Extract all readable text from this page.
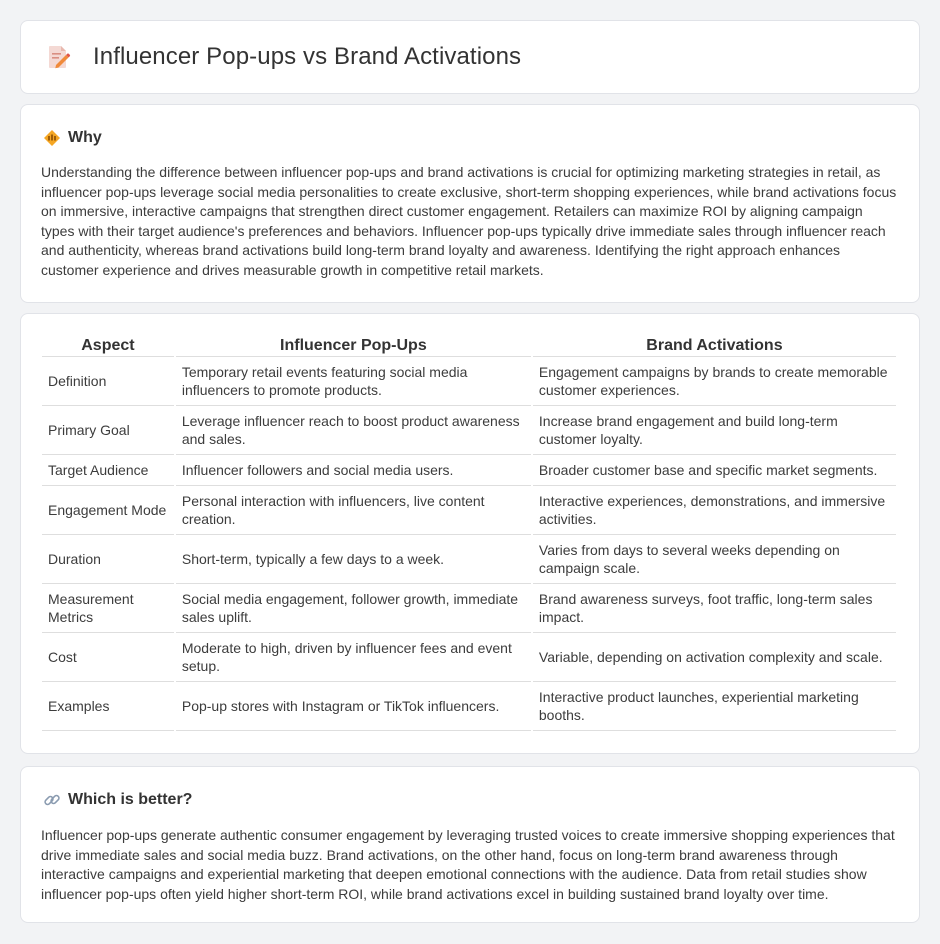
Influencer Pop-ups vs Brand Activations
Why

Understanding the difference between influencer pop-ups and brand activations is crucial for optimizing marketing strategies in retail, as influencer pop-ups leverage social media personalities to create exclusive, short-term shopping experiences, while brand activations focus on immersive, interactive campaigns that strengthen direct customer engagement. Retailers can maximize ROI by aligning campaign types with their target audience's preferences and behaviors. Influencer pop-ups typically drive immediate sales through influencer reach and authenticity, whereas brand activations build long-term brand loyalty and awareness. Identifying the right approach enhances customer experience and drives measurable growth in competitive retail markets.

Aspect	Influencer Pop-Ups	Brand Activations
Definition	Temporary retail events featuring social media influencers to promote products.	Engagement campaigns by brands to create memorable customer experiences.
Primary Goal	Leverage influencer reach to boost product awareness and sales.	Increase brand engagement and build long-term customer loyalty.
Target Audience	Influencer followers and social media users.	Broader customer base and specific market segments.
Engagement Mode	Personal interaction with influencers, live content creation.	Interactive experiences, demonstrations, and immersive activities.
Duration	Short-term, typically a few days to a week.	Varies from days to several weeks depending on campaign scale.
Measurement Metrics	Social media engagement, follower growth, immediate sales uplift.	Brand awareness surveys, foot traffic, long-term sales impact.
Cost	Moderate to high, driven by influencer fees and event setup.	Variable, depending on activation complexity and scale.
Examples	Pop-up stores with Instagram or TikTok influencers.	Interactive product launches, experiential marketing booths.
Which is better?

Influencer pop-ups generate authentic consumer engagement by leveraging trusted voices to create immersive shopping experiences that drive immediate sales and social media buzz. Brand activations, on the other hand, focus on long-term brand awareness through interactive campaigns and experiential marketing that deepen emotional connections with the audience. Data from retail studies show influencer pop-ups often yield higher short-term ROI, while brand activations excel in building sustained brand loyalty over time.
